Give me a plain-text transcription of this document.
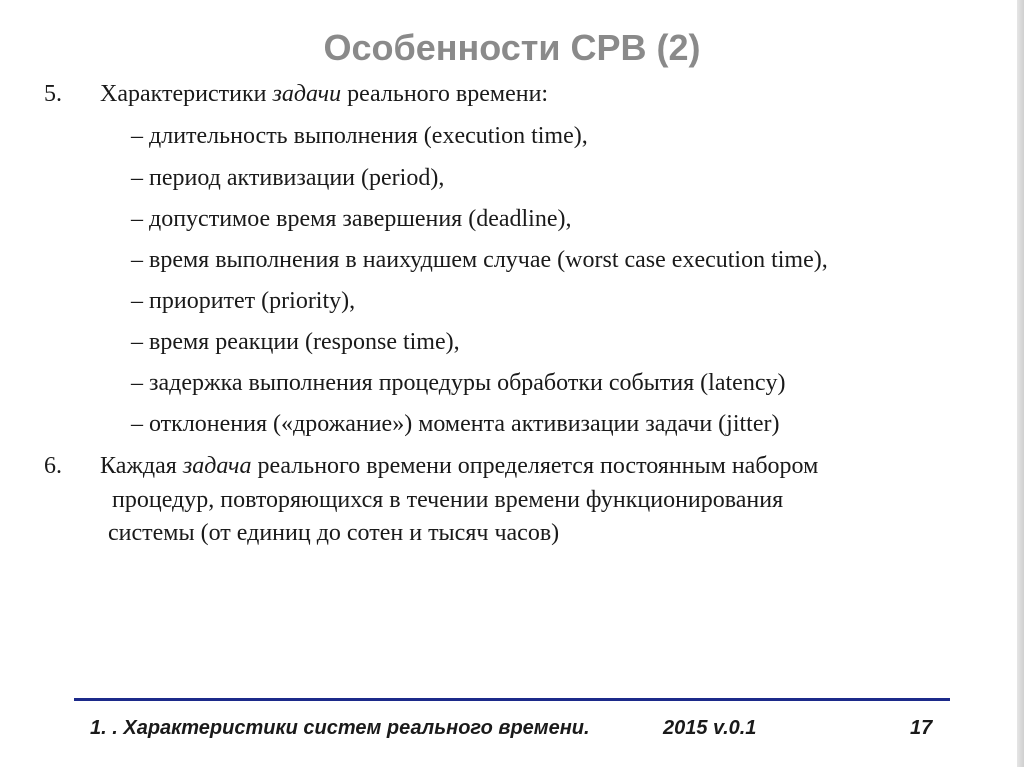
Особенности СРВ (2)
5. Характеристики задачи реального времени:
– длительность выполнения (execution time),
– период активизации (period),
– допустимое время завершения (deadline),
– время выполнения в наихудшем случае (worst case execution time),
– приоритет (priority),
– время реакции (response time),
– задержка выполнения процедуры обработки события (latency)
– отклонения («дрожание») момента активизации задачи (jitter)
6. Каждая задача реального времени определяется постоянным набором
процедур, повторяющихся в течении времени функционирования
системы (от единиц до сотен и тысяч часов)
1. . Характеристики систем реального времени.	2015 v.0.1	17
